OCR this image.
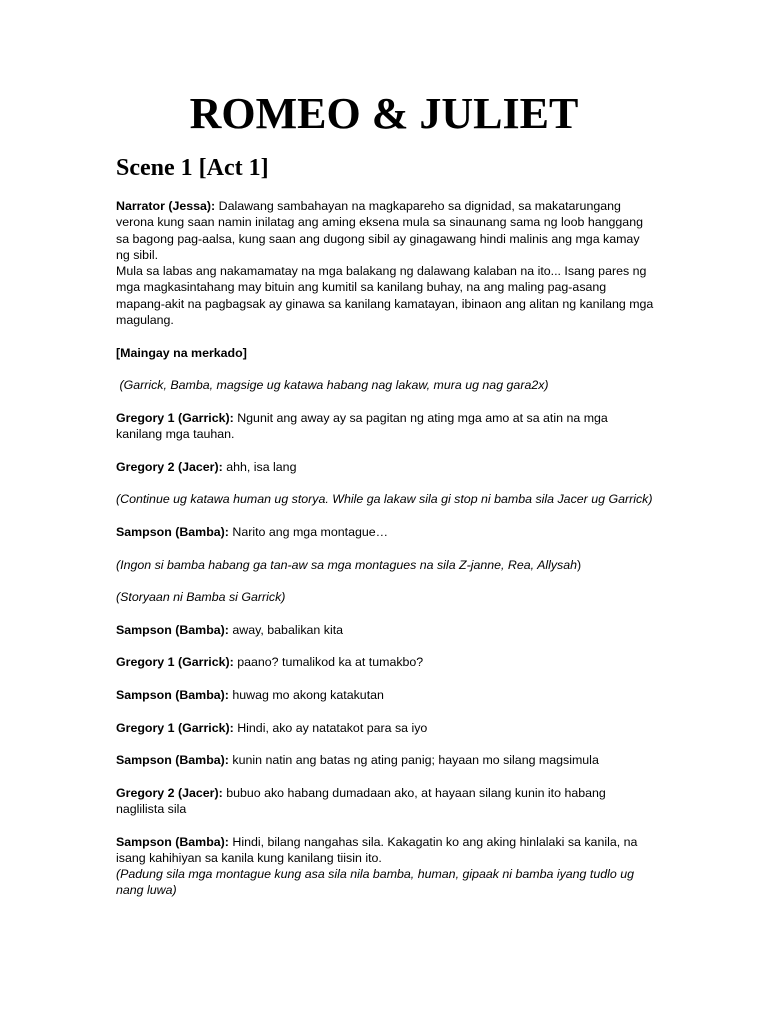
ROMEO & JULIET
Scene 1 [Act 1]

Narrator (Jessa): Dalawang sambahayan na magkapareho sa dignidad, sa makatarungang verona kung saan namin inilatag ang aming eksena mula sa sinaunang sama ng loob hanggang sa bagong pag-aalsa, kung saan ang dugong sibil ay ginagawang hindi malinis ang mga kamay ng sibil.

Mula sa labas ang nakamamatay na mga balakang ng dalawang kalaban na ito... Isang pares ng mga magkasintahang may bituin ang kumitil sa kanilang buhay, na ang maling pag-asang mapang-akit na pagbagsak ay ginawa sa kanilang kamatayan, ibinaon ang alitan ng kanilang mga magulang.

[Maingay na merkado]

(Garrick, Bamba, magsige ug katawa habang nag lakaw, mura ug nag gara2x)

Gregory 1 (Garrick): Ngunit ang away ay sa pagitan ng ating mga amo at sa atin na mga kanilang mga tauhan.

Gregory 2 (Jacer): ahh, isa lang

(Continue ug katawa human ug storya. While ga lakaw sila gi stop ni bamba sila Jacer ug Garrick)

Sampson (Bamba): Narito ang mga montague…

(Ingon si bamba habang ga tan-aw sa mga montagues na sila Z-janne, Rea, Allysah)

(Storyaan ni Bamba si Garrick)

Sampson (Bamba): away, babalikan kita

Gregory 1 (Garrick): paano? tumalikod ka at tumakbo?

Sampson (Bamba): huwag mo akong katakutan

Gregory 1 (Garrick): Hindi, ako ay natatakot para sa iyo

Sampson (Bamba): kunin natin ang batas ng ating panig; hayaan mo silang magsimula

Gregory 2 (Jacer): bubuo ako habang dumadaan ako, at hayaan silang kunin ito habang naglilista sila

Sampson (Bamba): Hindi, bilang nangahas sila. Kakagatin ko ang aking hinlalaki sa kanila, na isang kahihiyan sa kanila kung kanilang tiisin ito.

(Padung sila mga montague kung asa sila nila bamba, human, gipaak ni bamba iyang tudlo ug nang luwa)
